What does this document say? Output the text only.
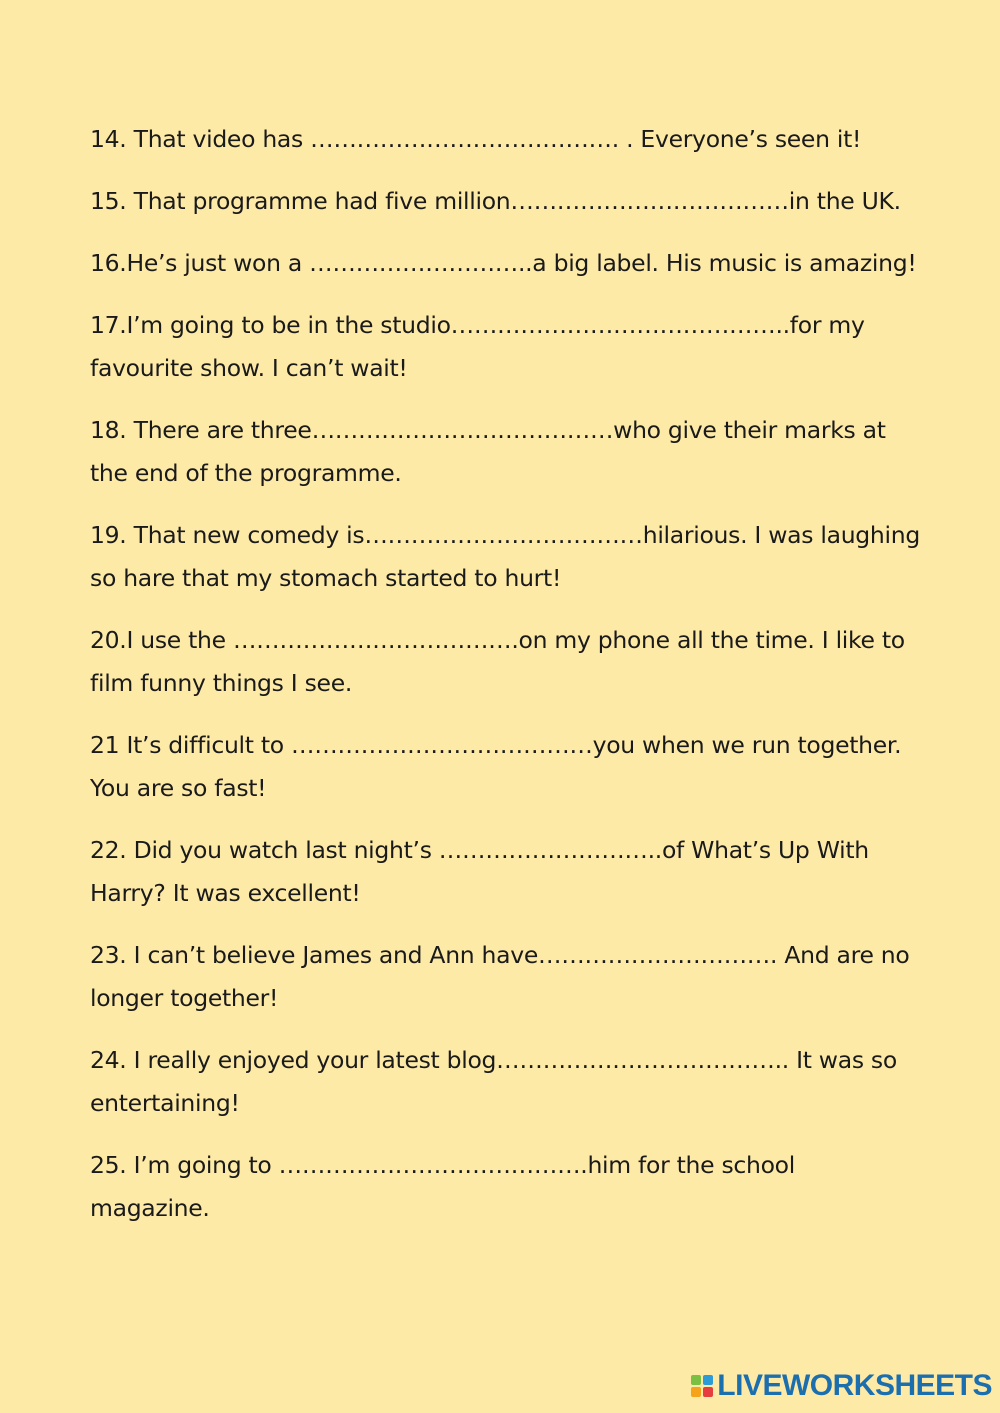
14. That video has …………………………………. . Everyone’s seen it!

15. That programme had five million………………………………in the UK.

16.He’s just won a ………………………..a big label. His music is amazing!

17.I’m going to be in the studio……………………………………..for my favourite show. I can’t wait!

18. There are three…………………………………who give their marks at the end of the programme.

19. That new comedy is………………………………hilarious. I was laughing so hare that my stomach started to hurt!

20.I use the ……………………………….on my phone all the time. I like to film funny things I see.

21 It’s difficult to …………………………………you when we run together. You are so fast!

22. Did you watch last night’s ………………………..of What’s Up With Harry? It was excellent!

23. I can’t believe James and Ann have…………………………. And are no longer together!

24. I really enjoyed your latest blog……………………………….. It was so entertaining!

25. I’m going to ………………………………….him for the school magazine.

LIVEWORKSHEETS
